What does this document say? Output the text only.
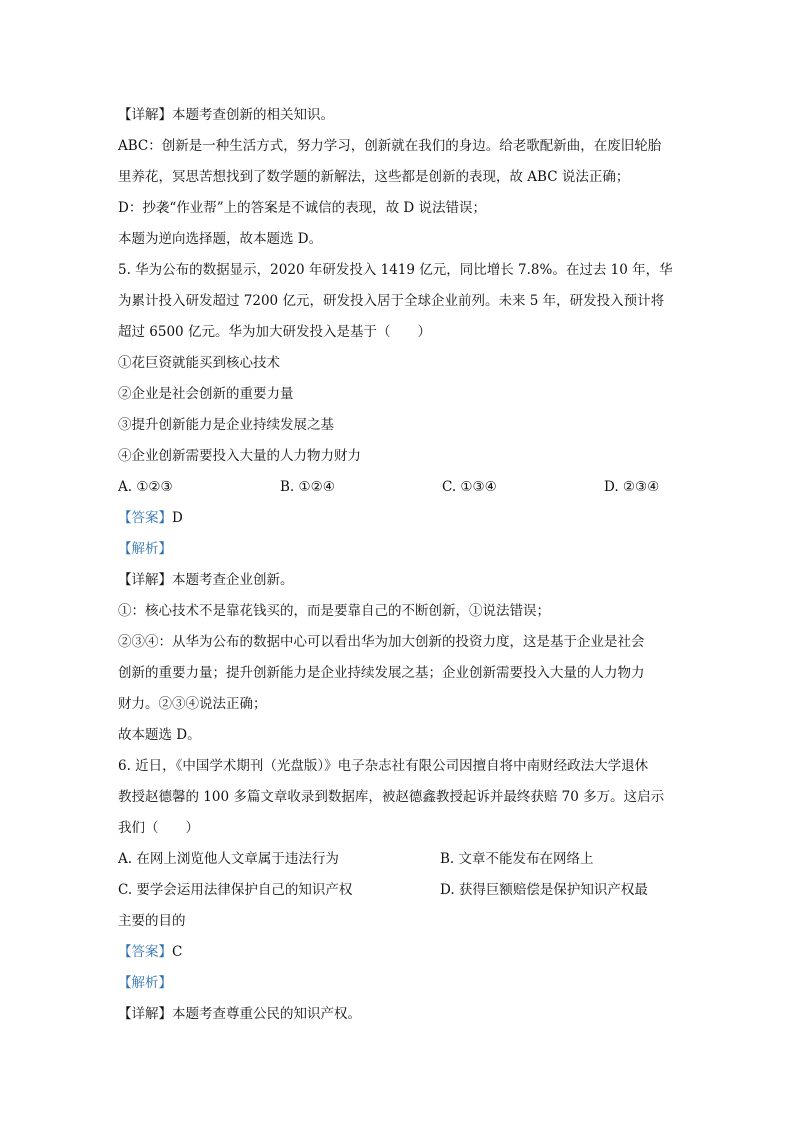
【详解】本题考查创新的相关知识。
ABC：创新是一种生活方式，努力学习，创新就在我们的身边。给老歌配新曲，在废旧轮胎
里养花，冥思苦想找到了数学题的新解法，这些都是创新的表现，故 ABC 说法正确；
D：抄袭“作业帮”上的答案是不诚信的表现，故 D 说法错误；
本题为逆向选择题，故本题选 D。
5. 华为公布的数据显示，2020 年研发投入 1419 亿元，同比增长 7.8%。在过去 10 年，华
为累计投入研发超过 7200 亿元，研发投入居于全球企业前列。未来 5 年，研发投入预计将
超过 6500 亿元。华为加大研发投入是基于（　　）
①花巨资就能买到核心技术
②企业是社会创新的重要力量
③提升创新能力是企业持续发展之基
④企业创新需要投入大量的人力物力财力
A. ①②③	B. ①②④	C. ①③④	D. ②③④
【答案】D
【解析】
【详解】本题考查企业创新。
①：核心技术不是靠花钱买的，而是要靠自己的不断创新，①说法错误；
②③④：从华为公布的数据中心可以看出华为加大创新的投资力度，这是基于企业是社会
创新的重要力量；提升创新能力是企业持续发展之基；企业创新需要投入大量的人力物力
财力。②③④说法正确；
故本题选 D。
6. 近日，《中国学术期刊（光盘版）》电子杂志社有限公司因擅自将中南财经政法大学退休
教授赵德馨的 100 多篇文章收录到数据库，被赵德鑫教授起诉并最终获赔 70 多万。这启示
我们（　　）
A. 在网上浏览他人文章属于违法行为	B. 文章不能发布在网络上
C. 要学会运用法律保护自己的知识产权	D. 获得巨额赔偿是保护知识产权最
主要的目的
【答案】C
【解析】
【详解】本题考查尊重公民的知识产权。
